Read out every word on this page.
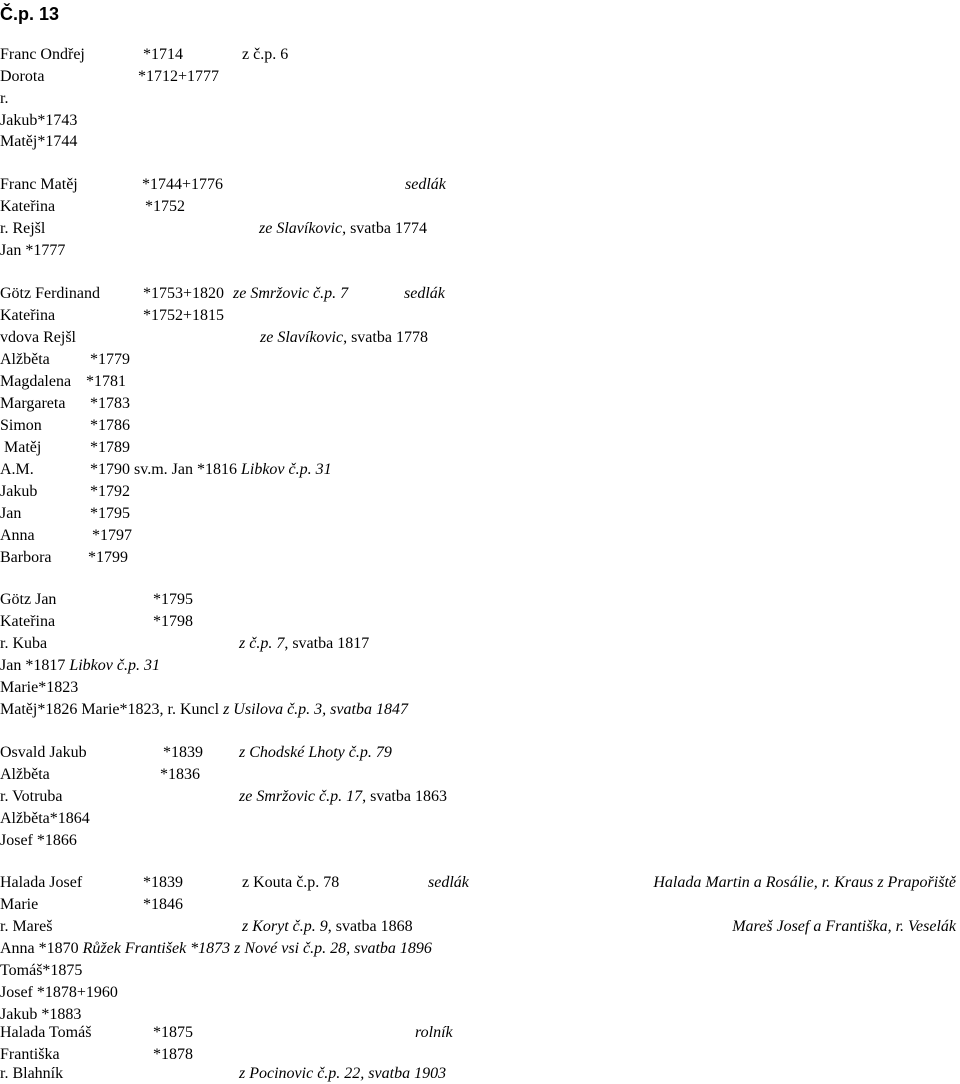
Č.p. 13
Franc Ondřej	*1714	z č.p. 6
Dorota	*1712+1777
r.
Jakub*1743
Matěj*1744
Franc Matěj	*1744+1776	sedlák
Kateřina	*1752
r. Rejšl	ze Slavíkovic, svatba 1774
Jan *1777
Götz Ferdinand	*1753+1820 ze Smržovic č.p. 7	sedlák
Kateřina	*1752+1815
vdova Rejšl	ze Slavíkovic, svatba 1778
Alžběta	*1779
Magdalena *1781
Margareta *1783
Simon	*1786
Matěj	*1789
A.M.	*1790 sv.m. Jan *1816 Libkov č.p. 31
Jakub	*1792
Jan	*1795
Anna	*1797
Barbora *1799
Götz Jan	*1795
Kateřina	*1798
r. Kuba	z č.p. 7, svatba 1817
Jan *1817 Libkov č.p. 31
Marie*1823
Matěj*1826 Marie*1823, r. Kuncl z Usilova č.p. 3, svatba 1847
Osvald Jakub	*1839 z Chodské Lhoty č.p. 79
Alžběta	*1836
r. Votruba	ze Smržovic č.p. 17, svatba 1863
Alžběta*1864
Josef *1866
Halada Josef	*1839	z Kouta č.p. 78	sedlák	Halada Martin a Rosálie, r. Kraus z Prapořiště
Marie	*1846
r. Mareš	z Koryt č.p. 9, svatba 1868	Mareš Josef a Františka, r. Veselák
Anna *1870 Růžek František *1873 z Nové vsi č.p. 28, svatba 1896
Tomáš*1875
Josef *1878+1960
Jakub *1883
Halada Tomáš	*1875	rolník
Františka	*1878
r. Blahník	z Pocinovic č.p. 22, svatba 1903
